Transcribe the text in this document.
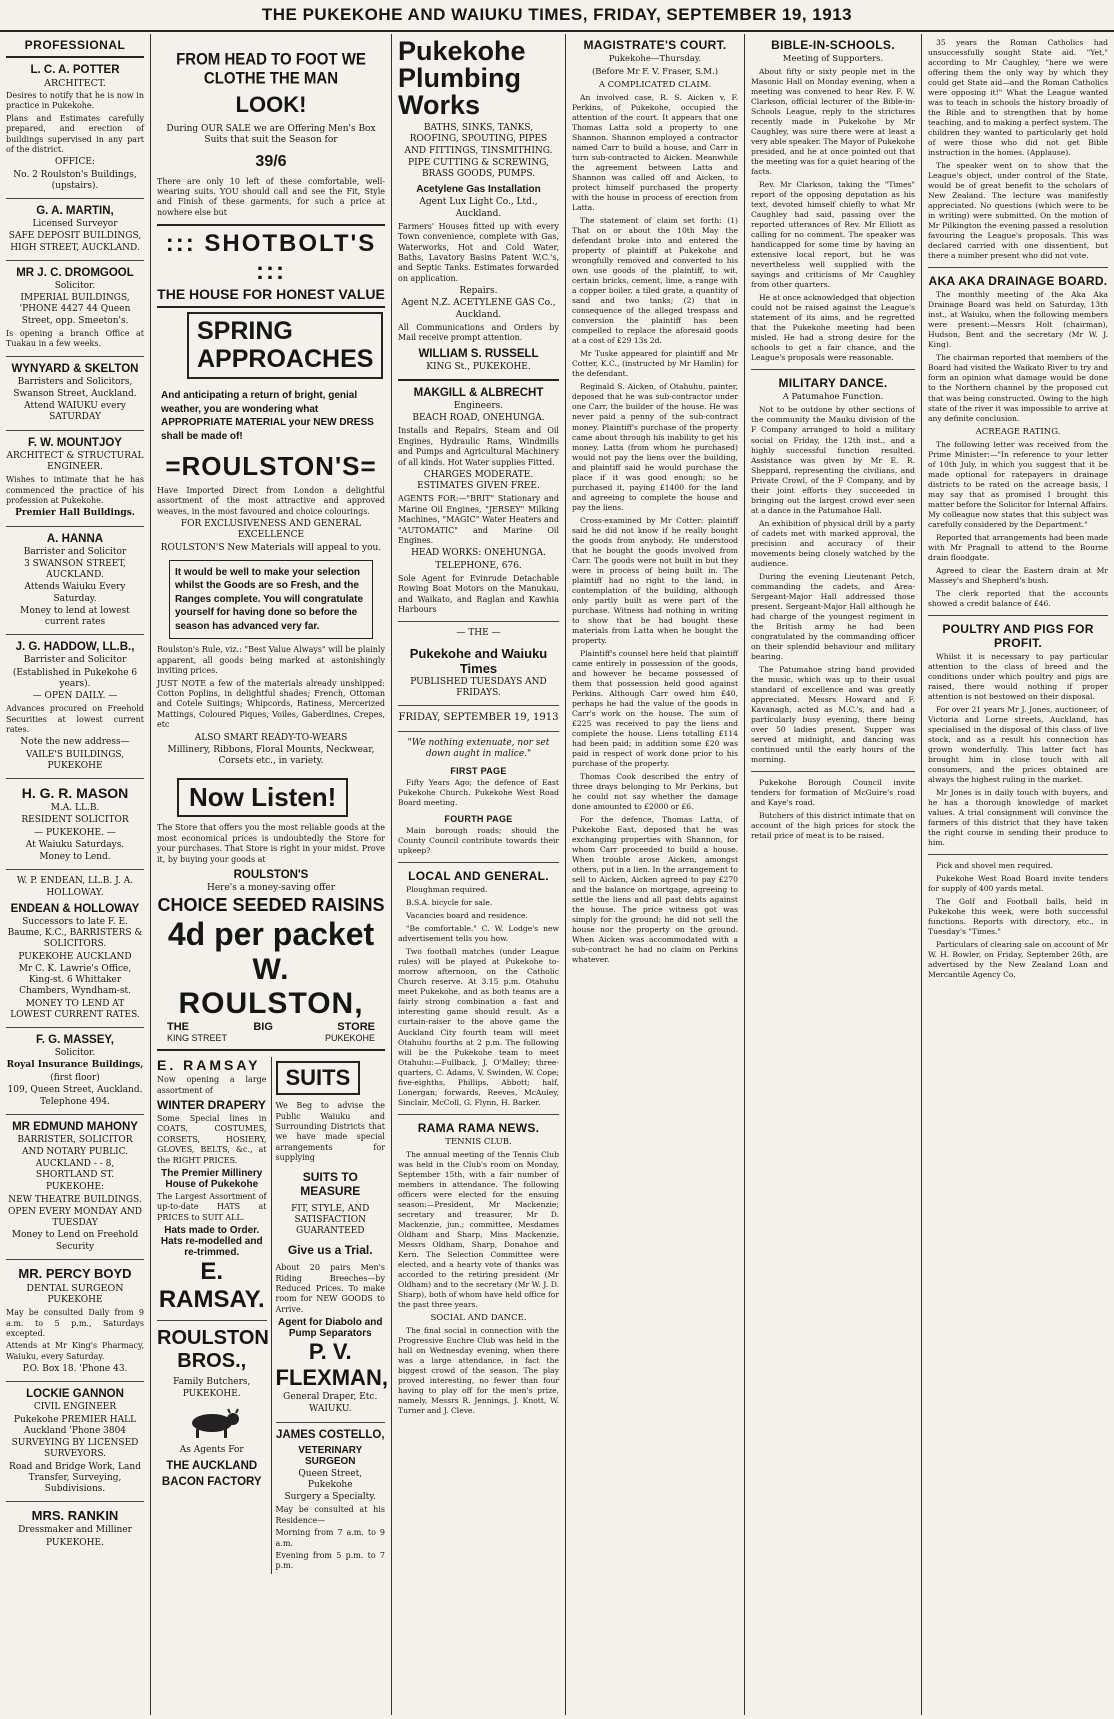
THE PUKEKOHE AND WAIUKU TIMES, FRIDAY, SEPTEMBER 19, 1913
PROFESSIONAL
L. C. A. POTTER
ARCHITECT.
Desires to notify that he is now in practice in Pukekohe.
Plans and Estimates carefully prepared, and erection of buildings supervised in any part of the district.
OFFICE:
No. 2 Roulston's Buildings, (upstairs).
G. A. MARTIN,
Licensed Surveyor
SAFE DEPOSIT BUILDINGS, HIGH STREET, AUCKLAND.
MR J. C. DROMGOOL
Solicitor.
IMPERIAL BUILDINGS, 'PHONE 4427 44 Queen Street, opp. Smeeton's.
Is opening a branch Office at Tuakau in a few weeks.
WYNYARD & SKELTON
Barristers and Solicitors,
Swanson Street, Auckland.
Attend WAIUKU every SATURDAY
F. W. MOUNTJOY
ARCHITECT & STRUCTURAL ENGINEER.
Wishes to intimate that he has commenced the practice of his profession at Pukekohe.
Premier Hall Buildings.
A. HANNA
Barrister and Solicitor
3 SWANSON STREET, AUCKLAND.
Attends Waiuku Every Saturday.
Money to lend at lowest current rates
J. G. HADDOW, LL.B.,
Barrister and Solicitor
(Established in Pukekohe 6 years).
— OPEN DAILY. —
Advances procured on Freehold Securities at lowest current rates.
Note the new address—
VAILE'S BUILDINGS, PUKEKOHE
H. G. R. MASON
M.A. LL.B.
RESIDENT SOLICITOR
— PUKEKOHE. —
At Waiuku Saturdays.
Money to Lend.
W. P. ENDEAN, LL.B. J. A. HOLLOWAY.
ENDEAN & HOLLOWAY
Successors to late F. E. Baume, K.C., BARRISTERS & SOLICITORS.
PUKEKOHE AUCKLAND
Mr C. K. Lawrie's Office, King-st. 6 Whittaker Chambers, Wyndham-st.
MONEY TO LEND AT LOWEST CURRENT RATES.
F. G. MASSEY,
Solicitor.
Royal Insurance Buildings,
(first floor)
109, Queen Street, Auckland.
Telephone 494.
MR EDMUND MAHONY
BARRISTER, SOLICITOR AND NOTARY PUBLIC.
AUCKLAND - - 8, SHORTLAND ST.
PUKEKOHE:
NEW THEATRE BUILDINGS.
OPEN EVERY MONDAY AND TUESDAY
Money to Lend on Freehold Security
MR. PERCY BOYD
DENTAL SURGEON
PUKEKOHE
May be consulted Daily from 9 a.m. to 5 p.m., Saturdays excepted.
Attends at Mr King's Pharmacy, Waiuku, every Saturday.
P.O. Box 18. 'Phone 43.
LOCKIE GANNON
CIVIL ENGINEER
Pukekohe PREMIER HALL Auckland 'Phone 3804
SURVEYING BY LICENSED SURVEYORS.
Road and Bridge Work, Land Transfer, Surveying, Subdivisions.
MRS. RANKIN
Dressmaker and Milliner
PUKEKOHE.
FROM HEAD TO FOOT WE CLOTHE THE MAN
LOOK!
During OUR SALE we are Offering Men's Box Suits that suit the Season for
39/6
There are only 10 left of these comfortable, well-wearing suits. YOU should call and see the Fit, Style and Finish of these garments, for such a price at nowhere else but
::: SHOTBOLT'S :::
THE HOUSE FOR HONEST VALUE
SPRING
APPROACHES
And anticipating a return of bright, genial weather, you are wondering what APPROPRIATE MATERIAL your NEW DRESS shall be made of!
=ROULSTON'S=
Have Imported Direct from London a delightful assortment of the most attractive and approved weaves, in the most favoured and choice colourings.
FOR EXCLUSIVENESS AND GENERAL EXCELLENCE
ROULSTON'S New Materials will appeal to you.
It would be well to make your selection whilst the Goods are so Fresh, and the Ranges complete. You will congratulate yourself for having done so before the season has advanced very far.
Roulston's Rule, viz.: "Best Value Always" will be plainly apparent, all goods being marked at astonishingly inviting prices.
JUST NOTE a few of the materials already unshipped: Cotton Poplins, in delightful shades; French, Ottoman and Cotele Suitings; Whipcords, Ratiness, Mercerized Mattings, Coloured Piques, Voiles, Gaberdines, Crepes, etc
ALSO SMART READY-TO-WEARS
Millinery, Ribbons, Floral Mounts, Neckwear, Corsets etc., in variety.
Now Listen!
The Store that offers you the most reliable goods at the most economical prices is undoubtedly the Store for your purchases. That Store is right in your midst. Prove it, by buying your goods at
ROULSTON'S
Here's a money-saving offer
CHOICE SEEDED RAISINS
4d per packet
W. ROULSTON,
THE	BIG	STORE
KING STREET	PUKEKOHE
E. RAMSAY
Now opening a large assortment of
WINTER DRAPERY
Some Special lines in COATS, COSTUMES, CORSETS, HOSIERY, GLOVES, BELTS, &c., at the RIGHT PRICES.
The Premier Millinery House of Pukekohe
The Largest Assortment of up-to-date HATS at PRICES to SUIT ALL.
Hats made to Order.
Hats re-modelled and re-trimmed.
E. RAMSAY.
ROULSTON BROS.,
Family Butchers,
PUKEKOHE.
As Agents For
THE AUCKLAND
BACON FACTORY
SUITS
We Beg to advise the Public Waiuku and Surrounding Districts that we have made special arrangements for supplying
SUITS TO MEASURE
FIT, STYLE, AND SATISFACTION GUARANTEED
Give us a Trial.
About 20 pairs Men's Riding Breeches—by Reduced Prices. To make room for NEW GOODS to Arrive.
Agent for Diabolo and Pump Separators
P. V. FLEXMAN,
General Draper, Etc.
WAIUKU.
JAMES COSTELLO,
VETERINARY SURGEON
Queen Street, Pukekohe
Surgery a Specialty.
May be consulted at his Residence—
Morning from 7 a.m. to 9 a.m.
Evening from 5 p.m. to 7 p.m.
Pukekohe Plumbing Works
BATHS, SINKS, TANKS, ROOFING, SPOUTING, PIPES AND FITTINGS, TINSMITHING.
PIPE CUTTING & SCREWING, BRASS GOODS, PUMPS.
Acetylene Gas Installation
Agent Lux Light Co., Ltd., Auckland.
Farmers' Houses fitted up with every Town convenience, complete with Gas, Waterworks, Hot and Cold Water, Baths, Lavatory Basins Patent W.C.'s, and Septic Tanks. Estimates forwarded on application.
Repairs.
Agent N.Z. ACETYLENE GAS Co., Auckland.
All Communications and Orders by Mail receive prompt attention.
WILLIAM S. RUSSELL
KING St., PUKEKOHE.
MAKGILL & ALBRECHT
Engineers.
BEACH ROAD, ONEHUNGA.
Installs and Repairs, Steam and Oil Engines, Hydraulic Rams, Windmills and Pumps and Agricultural Machinery of all kinds. Hot Water supplies Fitted.
CHARGES MODERATE. ESTIMATES GIVEN FREE.
AGENTS FOR:—"BRIT" Stationary and Marine Oil Engines, "JERSEY" Milking Machines, "MAGIC" Water Heaters and "AUTOMATIC" and Marine Oil Engines.
HEAD WORKS: ONEHUNGA.
TELEPHONE, 676.
Sole Agent for Evinrude Detachable Rowing Boat Motors on the Manukau, and Waikato, and Raglan and Kawhia Harbours
— THE —
Pukekohe and Waiuku Times
PUBLISHED TUESDAYS AND FRIDAYS.
FRIDAY, SEPTEMBER 19, 1913
"We nothing extenuate, nor set down aught in malice."
FIRST PAGE
Fifty Years Ago; the defence of East Pukekohe Church. Pukekohe West Road Board meeting.
FOURTH PAGE
Main borough roads; should the County Council contribute towards their upkeep?
LOCAL AND GENERAL.
Ploughman required.
B.S.A. bicycle for sale.
Vacancies board and residence.
"Be comfortable." C. W. Lodge's new advertisement tells you how.
Two football matches (under League rules) will be played at Pukekohe to-morrow afternoon, on the Catholic Church reserve. At 3.15 p.m. Otahuhu meet Pukekohe, and as both teams are a fairly strong combination a fast and interesting game should result. As a curtain-raiser to the above game the Auckland City fourth team will meet Otahuhu fourths at 2 p.m. The following will be the Pukekohe team to meet Otahuhu:—Fullback, J. O'Malley; three-quarters, C. Adams, V. Swinden, W. Cope; five-eighths, Phillips, Abbott; half, Lonergan; forwards, Reeves, McAuley, Sinclair, McColl, G. Flynn, H. Barker.
RAMA RAMA NEWS.
TENNIS CLUB.
The annual meeting of the Tennis Club was held in the Club's room on Monday, September 15th, with a fair number of members in attendance. The following officers were elected for the ensuing season:—President, Mr Mackenzie; secretary and treasurer, Mr D. Mackenzie, jun.; committee, Mesdames Oldham and Sharp, Miss Mackenzie, Messrs Oldham, Sharp, Donahoe and Kern. The Selection Committee were elected, and a hearty vote of thanks was accorded to the retiring president (Mr Oldham) and to the secretary (Mr W. J. D. Sharp), both of whom have held office for the past three years.
SOCIAL AND DANCE.
The final social in connection with the Progressive Euchre Club was held in the hall on Wednesday evening, when there was a large attendance, in fact the biggest crowd of the season. The play proved interesting, no fewer than four having to play off for the men's prize, namely, Messrs R. Jennings, J. Knott, W. Turner and J. Cleve.
MAGISTRATE'S COURT.
Pukekohe—Thursday.
(Before Mr F. V. Fraser, S.M.)
A COMPLICATED CLAIM.
An involved case, R. S. Aicken v. F. Perkins, of Pukekohe, occupied the attention of the court. It appears that one Thomas Latta sold a property to one Shannon. Shannon employed a contractor named Carr to build a house, and Carr in turn sub-contracted to Aicken. Meanwhile the agreement between Latta and Shannon was called off and Aicken, to protect himself purchased the property with the house in process of erection from Latta.
The statement of claim set forth: (1) That on or about the 10th May the defendant broke into and entered the property of plaintiff at Pukekohe and wrongfully removed and converted to his own use goods of the plaintiff, to wit, certain bricks, cement, lime, a range with a copper boiler, a tiled grate, a quantity of sand and two tanks; (2) that in consequence of the alleged trespass and conversion the plaintiff has been compelled to replace the aforesaid goods at a cost of £29 13s 2d.
Mr Tuske appeared for plaintiff and Mr Cotter, K.C., (instructed by Mr Hamlin) for the defendant.
Reginald S. Aicken, of Otahuhu, painter, deposed that he was sub-contractor under one Carr, the builder of the house. He was never paid a penny of the sub-contract money. Plaintiff's purchase of the property came about through his inability to get his money. Latta (from whom he purchased) would not pay the liens over the building, and plaintiff said he would purchase the place if it was good enough; so he purchased it, paying £1400 for the land and agreeing to complete the house and pay the liens.
Cross-examined by Mr Cotter: plaintiff said he did not know if he really bought the goods from anybody. He understood that he bought the goods involved from Carr. The goods were not built in but they were in process of being built in. The plaintiff had no right to the land, in contemplation of the building, although only partly built as were part of the purchase. Witness had nothing in writing to show that he had bought these materials from Latta when he bought the property.
Plaintiff's counsel here held that plaintiff came entirely in possession of the goods, and however he became possessed of them that possession held good against Perkins. Although Carr owed him £40, perhaps he had the value of the goods in Carr's work on the house. The sum of £225 was received to pay the liens and complete the house. Liens totalling £114 had been paid; in addition some £20 was paid in respect of work done prior to his purchase of the property.
Thomas Cook described the entry of three drays belonging to Mr Perkins, but he could not say whether the damage done amounted to £2000 or £6.
For the defence, Thomas Latta, of Pukekohe East, deposed that he was exchanging properties with Shannon, for whom Carr proceeded to build a house. When trouble arose Aicken, amongst others, put in a lien. In the arrangement to sell to Aicken, Aicken agreed to pay £270 and the balance on mortgage, agreeing to settle the liens and all past debts against the house. The price witness got was simply for the ground; he did not sell the house nor the property on the ground. When Aicken was accommodated with a sub-contract he had no claim on Perkins whatever.
BIBLE-IN-SCHOOLS.
Meeting of Supporters.
About fifty or sixty people met in the Masonic Hall on Monday evening, when a meeting was convened to hear Rev. F. W. Clarkson, official lecturer of the Bible-in-Schools League, reply to the strictures recently made in Pukekohe by Mr Caughley, was sure there were at least a very able speaker. The Mayor of Pukekohe presided, and he at once pointed out that the meeting was for a quiet hearing of the facts.
Rev. Mr Clarkson, taking the "Times" report of the opposing deputation as his text, devoted himself chiefly to what Mr Caughley had said, passing over the reported utterances of Rev. Mr Elliott as calling for no comment. The speaker was handicapped for some time by having an extensive local report, but he was nevertheless well supplied with the sayings and criticisms of Mr Caughley from other quarters.
He at once acknowledged that objection could not be raised against the League's statement of its aims, and he regretted that the Pukekohe meeting had been misled. He had a strong desire for the schools to get a fair chance, and the League's proposals were reasonable.
MILITARY DANCE.
A Patumahoe Function.
Not to be outdone by other sections of the community the Mauku division of the F Company arranged to hold a military social on Friday, the 12th inst., and a highly successful function resulted. Assistance was given by Mr E. R. Sheppard, representing the civilians, and Private Crowl, of the F Company, and by their joint efforts they succeeded in bringing out the largest crowd ever seen at a dance in the Patumahoe Hall.
An exhibition of physical drill by a party of cadets met with marked approval, the precision and accuracy of their movements being closely watched by the audience.
During the evening Lieutenant Petch, commanding the cadets, and Area-Sergeant-Major Hall addressed those present. Sergeant-Major Hall although he had charge of the youngest regiment in the British army he had been congratulated by the commanding officer on their splendid behaviour and military bearing.
The Patumahoe string band provided the music, which was up to their usual standard of excellence and was greatly appreciated. Messrs Howard and F. Kavanagh, acted as M.C.'s, and had a particularly busy evening, there being over 50 ladies present. Supper was served at midnight, and dancing was continued until the early hours of the morning.
Pukekohe Borough Council invite tenders for formation of McGuire's road and Kaye's road.
Butchers of this district intimate that on account of the high prices for stock the retail price of meat is to be raised.
35 years the Roman Catholics had unsuccessfully sought State aid. "Yet," according to Mr Caughley, "here we were offering them the only way by which they could get State aid—and the Roman Catholics were opposing it!" What the League wanted was to teach in schools the history broadly of the Bible and to strengthen that by home teaching, and to making a perfect system. The children they wanted to particularly get hold of were those who did not get Bible instruction in the homes. (Applause).
The speaker went on to show that the League's object, under control of the State, would be of great benefit to the scholars of New Zealand. The lecture was manifestly appreciated. No questions (which were to be in writing) were submitted. On the motion of Mr Pilkington the evening passed a resolution favouring the League's proposals. This was declared carried with one dissentient, but there a number present who did not vote.
AKA AKA DRAINAGE BOARD.
The monthly meeting of the Aka Aka Drainage Board was held on Saturday, 13th inst., at Waiuku, when the following members were present:—Messrs Holt (chairman), Hudson, Bent and the secretary (Mr W. J. King).
The chairman reported that members of the Board had visited the Waikato River to try and form an opinion what damage would be done to the Northern channel by the proposed cut that was being constructed. Owing to the high state of the river it was impossible to arrive at any definite conclusion.
ACREAGE RATING.
The following letter was received from the Prime Minister:—"In reference to your letter of 10th July, in which you suggest that it be made optional for ratepayers in drainage districts to be rated on the acreage basis, I may say that as promised I brought this matter before the Solicitor for Internal Affairs. My colleague now states that this subject was carefully considered by the Department."
Reported that arrangements had been made with Mr Pragnall to attend to the Bourne drain floodgate.
Agreed to clear the Eastern drain at Mr Massey's and Shepherd's bush.
The clerk reported that the accounts showed a credit balance of £46.
POULTRY AND PIGS FOR PROFIT.
Whilst it is necessary to pay particular attention to the class of breed and the conditions under which poultry and pigs are raised, there would nothing if proper attention is not bestowed on their disposal.
For over 21 years Mr J. Jones, auctioneer, of Victoria and Lorne streets, Auckland, has specialised in the disposal of this class of live stock, and as a result his connection has grown wonderfully. This latter fact has brought him in close touch with all consumers, and the prices obtained are always the highest ruling in the market.
Mr Jones is in daily touch with buyers, and he has a thorough knowledge of market values. A trial consignment will convince the farmers of this district that they have taken the right course in sending their produce to him.
Pick and shovel men required.
Pukekohe West Road Board invite tenders for supply of 400 yards metal.
The Golf and Football balls, held in Pukekohe this week, were both successful functions. Reports with directory, etc., in Tuesday's "Times."
Particulars of clearing sale on account of Mr W. H. Bowler, on Friday, September 26th, are advertised by the New Zealand Loan and Mercantile Agency Co.
